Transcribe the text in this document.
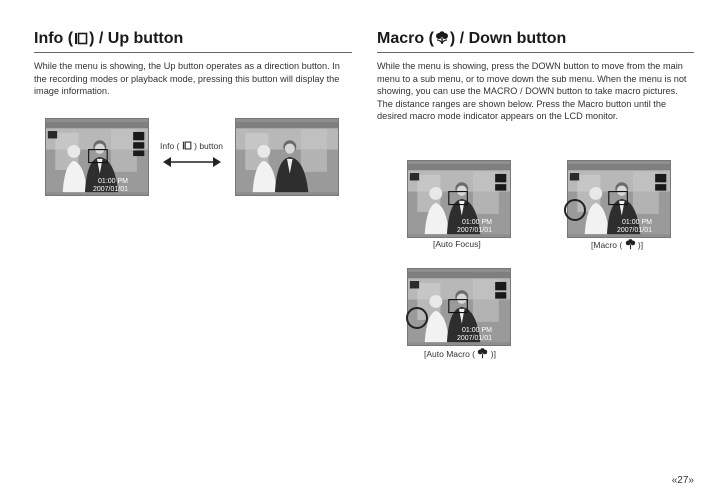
Info ( ) / Up button	Macro ( ) / Down button

While the menu is showing, the Up button operates as a direction button. In the recording modes or playback mode, pressing this button will display the image information.

While the menu is showing, press the DOWN button to move from the main menu to a sub menu, or to move down the sub menu. When the menu is not showing, you can use the MACRO / DOWN button to take macro pictures.

The distance ranges are shown below. Press the Macro button until the desired macro mode indicator appears on the LCD monitor.

01:00 PM
2007/01/01
Info ( ) button
01:00 PM
2007/01/01
[Auto Focus]
01:00 PM
2007/01/01
[Macro ( )]
01:00 PM
2007/01/01
[Auto Macro ( )]
«27»
